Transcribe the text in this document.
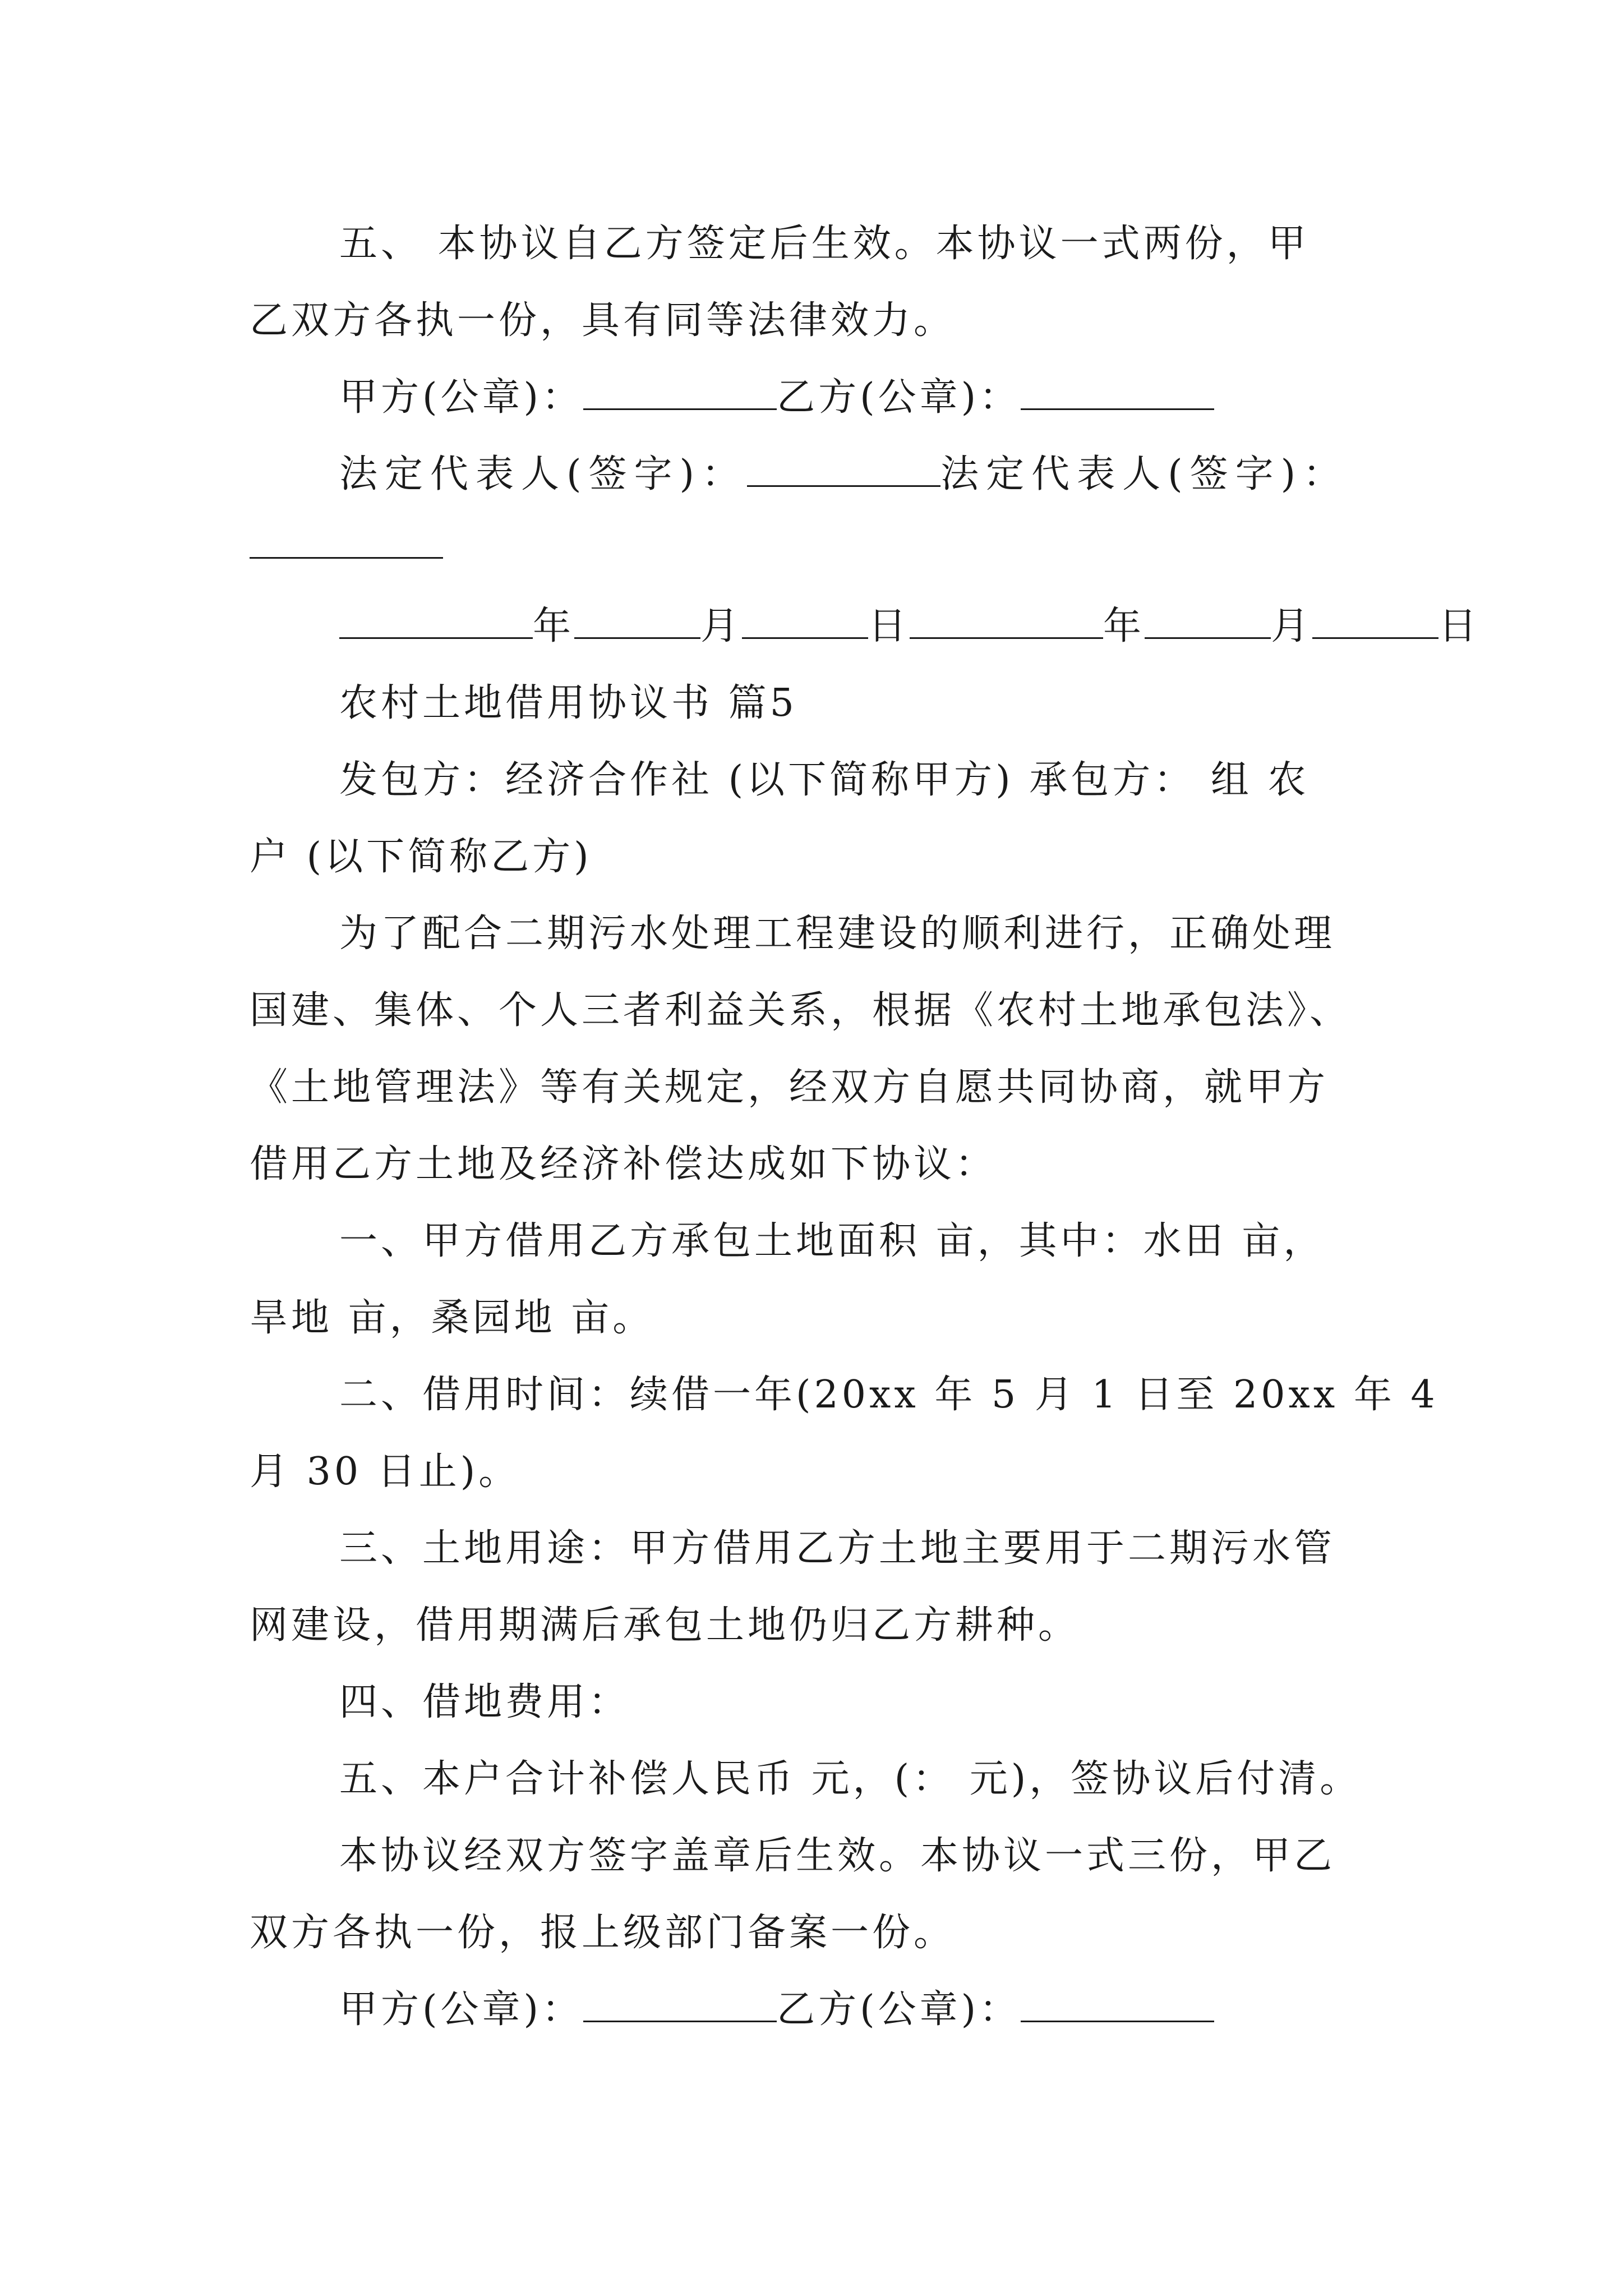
五、 本协议自乙方签定后生效。本协议一式两份，甲
乙双方各执一份，具有同等法律效力。
甲方(公章)：	乙方(公章)：
法定代表人(签字)：	法定代表人(签字)：
年	月	日	年	月	日
农村土地借用协议书 篇5
发包方：经济合作社 (以下简称甲方) 承包方： 组 农
户 (以下简称乙方)
为了配合二期污水处理工程建设的顺利进行，正确处理
国建、集体、个人三者利益关系，根据《农村土地承包法》、
《土地管理法》等有关规定，经双方自愿共同协商，就甲方
借用乙方土地及经济补偿达成如下协议：
一、甲方借用乙方承包土地面积 亩，其中：水田 亩，
旱地 亩，桑园地 亩。
二、借用时间：续借一年(20xx 年 5 月 1 日至 20xx 年 4
月 30 日止)。
三、土地用途：甲方借用乙方土地主要用于二期污水管
网建设，借用期满后承包土地仍归乙方耕种。
四、借地费用：
五、本户合计补偿人民币 元，(： 元)，签协议后付清。
本协议经双方签字盖章后生效。本协议一式三份，甲乙
双方各执一份，报上级部门备案一份。
甲方(公章)：	乙方(公章)：
